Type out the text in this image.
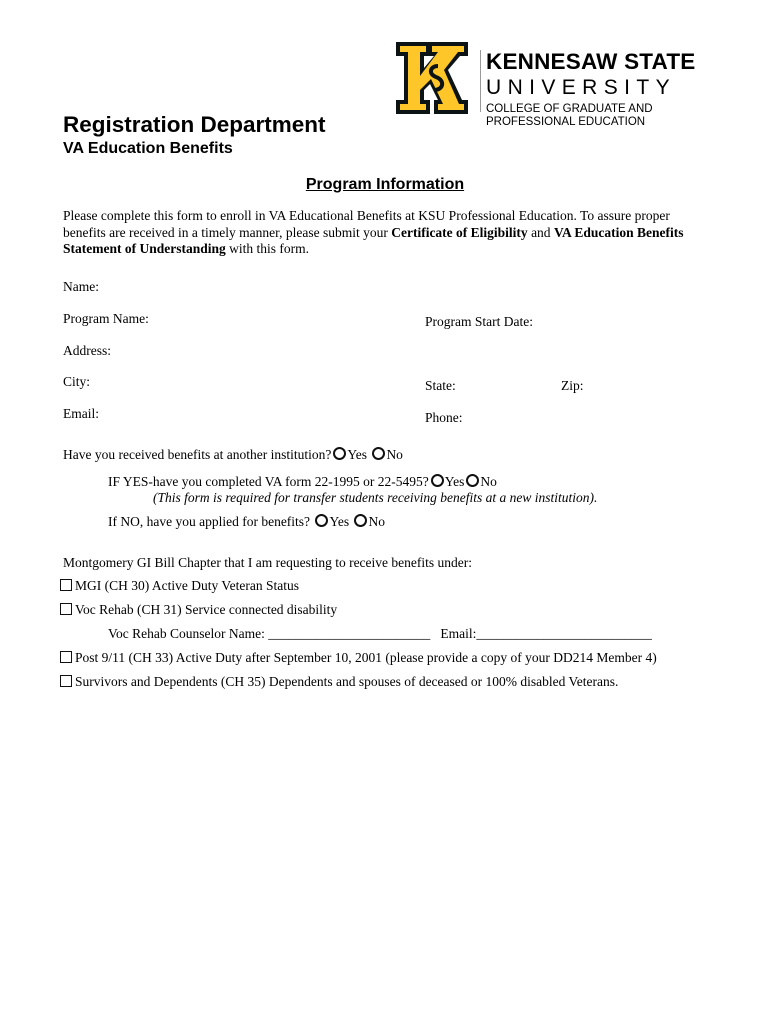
KENNESAW STATE
UNIVERSITY
COLLEGE OF GRADUATE AND
PROFESSIONAL EDUCATION
Registration Department
VA Education Benefits
Program Information
Please complete this form to enroll in VA Educational Benefits at KSU Professional Education. To assure proper benefits are received in a timely manner, please submit your Certificate of Eligibility and VA Education Benefits Statement of Understanding with this form.
Name:
Program Name:	Program Start Date:
Address:
City:	State:	Zip:
Email:	Phone:
Have you received benefits at another institution? Yes No
IF YES-have you completed VA form 22-1995 or 22-5495? Yes No
(This form is required for transfer students receiving benefits at a new institution).
If NO, have you applied for benefits? Yes No
Montgomery GI Bill Chapter that I am requesting to receive benefits under:
MGI (CH 30) Active Duty Veteran Status
Voc Rehab (CH 31) Service connected disability
Voc Rehab Counselor Name: ________________________   Email:__________________________
Post 9/11 (CH 33) Active Duty after September 10, 2001 (please provide a copy of your DD214 Member 4)
Survivors and Dependents (CH 35) Dependents and spouses of deceased or 100% disabled Veterans.
